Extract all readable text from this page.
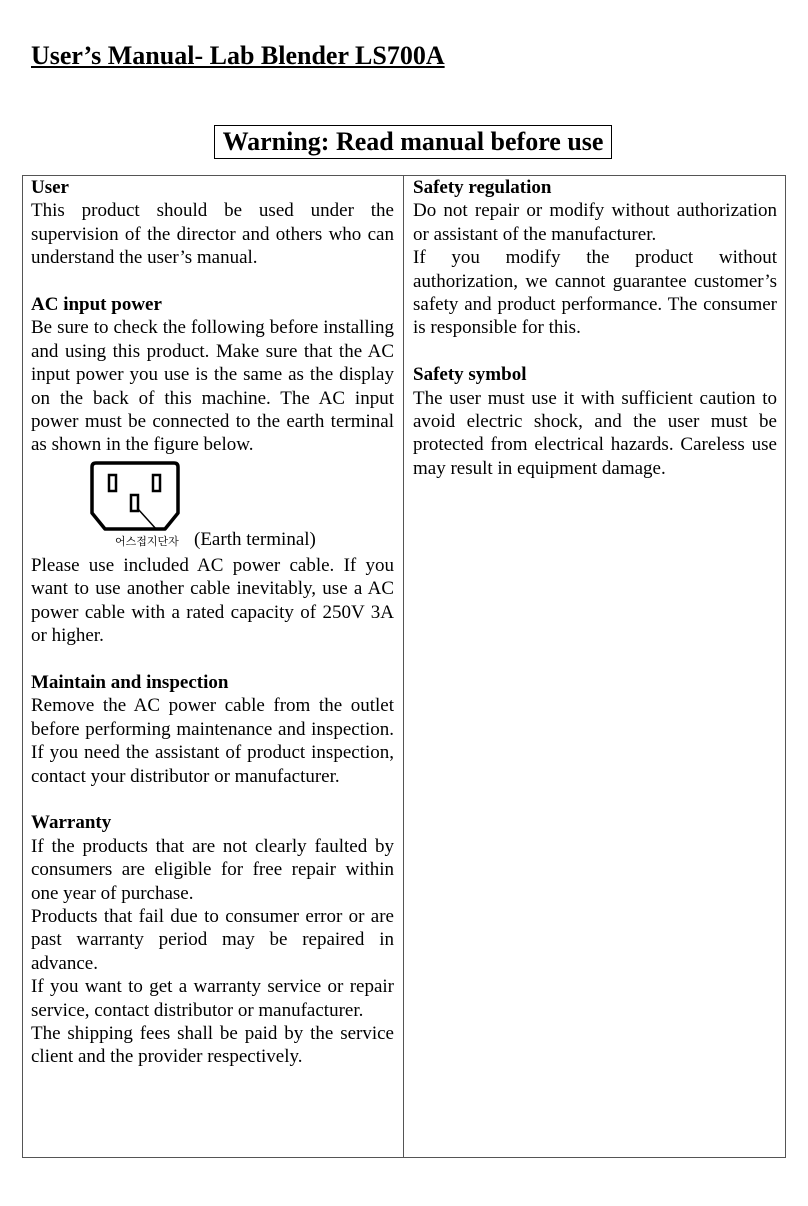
User’s Manual- Lab Blender LS700A
Warning: Read manual before use
User
This product should be used under the supervision of the director and others who can understand the user’s manual.
AC input power
Be sure to check the following before installing and using this product. Make sure that the AC input power you use is the same as the display on the back of this machine. The AC input power must be connected to the earth terminal as shown in the figure below.
어스접지단자 (Earth terminal)
Please use included AC power cable. If you want to use another cable inevitably, use a AC power cable with a rated capacity of 250V 3A or higher.
Maintain and inspection
Remove the AC power cable from the outlet before performing maintenance and inspection. If you need the assistant of product inspection, contact your distributor or manufacturer.
Warranty
If the products that are not clearly faulted by consumers are eligible for free repair within one year of purchase.
Products that fail due to consumer error or are past warranty period may be repaired in advance.
If you want to get a warranty service or repair service, contact distributor or manufacturer.
The shipping fees shall be paid by the service client and the provider respectively.
Safety regulation
Do not repair or modify without authorization or assistant of the manufacturer.
If you modify the product without authorization, we cannot guarantee customer’s safety and product performance. The consumer is responsible for this.
Safety symbol
The user must use it with sufficient caution to avoid electric shock, and the user must be protected from electrical hazards. Careless use may result in equipment damage.
